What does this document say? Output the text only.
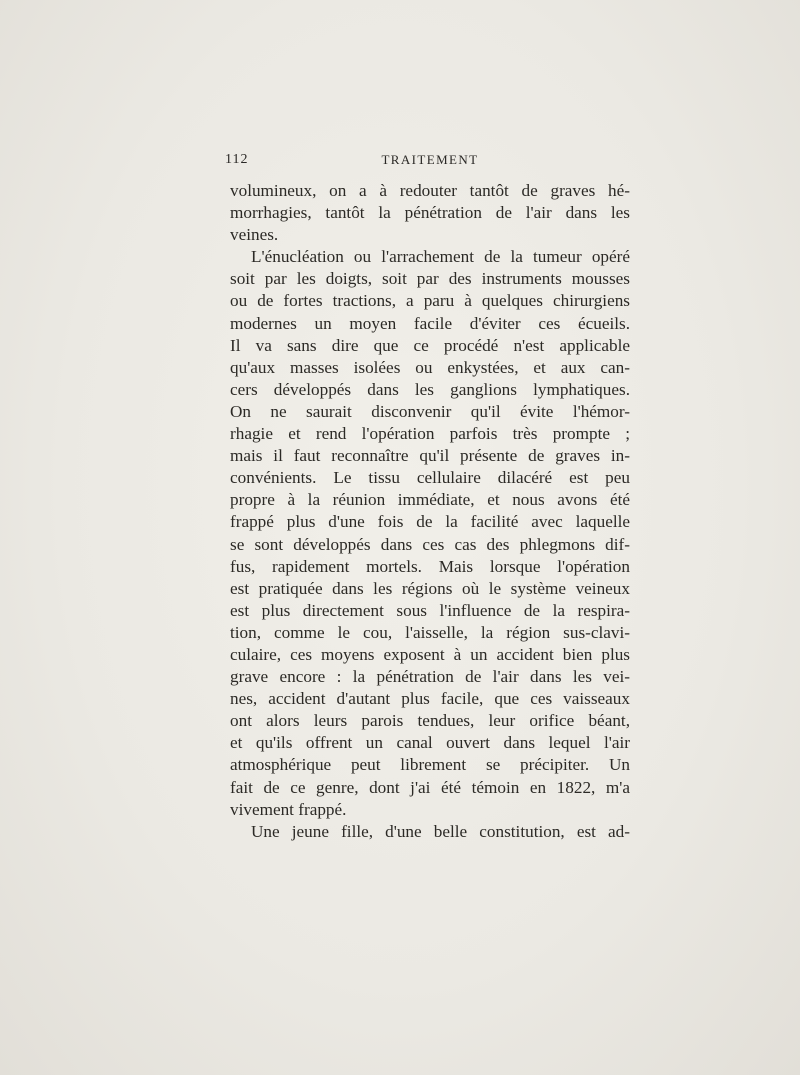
112	TRAITEMENT
volumineux, on a à redouter tantôt de graves hé-
morrhagies, tantôt la pénétration de l'air dans les
veines.
L'énucléation ou l'arrachement de la tumeur opéré
soit par les doigts, soit par des instruments mousses
ou de fortes tractions, a paru à quelques chirurgiens
modernes un moyen facile d'éviter ces écueils.
Il va sans dire que ce procédé n'est applicable
qu'aux masses isolées ou enkystées, et aux can-
cers développés dans les ganglions lymphatiques.
On ne saurait disconvenir qu'il évite l'hémor-
rhagie et rend l'opération parfois très prompte ;
mais il faut reconnaître qu'il présente de graves in-
convénients. Le tissu cellulaire dilacéré est peu
propre à la réunion immédiate, et nous avons été
frappé plus d'une fois de la facilité avec laquelle
se sont développés dans ces cas des phlegmons dif-
fus, rapidement mortels. Mais lorsque l'opération
est pratiquée dans les régions où le système veineux
est plus directement sous l'influence de la respira-
tion, comme le cou, l'aisselle, la région sus-clavi-
culaire, ces moyens exposent à un accident bien plus
grave encore : la pénétration de l'air dans les vei-
nes, accident d'autant plus facile, que ces vaisseaux
ont alors leurs parois tendues, leur orifice béant,
et qu'ils offrent un canal ouvert dans lequel l'air
atmosphérique peut librement se précipiter. Un
fait de ce genre, dont j'ai été témoin en 1822, m'a
vivement frappé.
Une jeune fille, d'une belle constitution, est ad-
